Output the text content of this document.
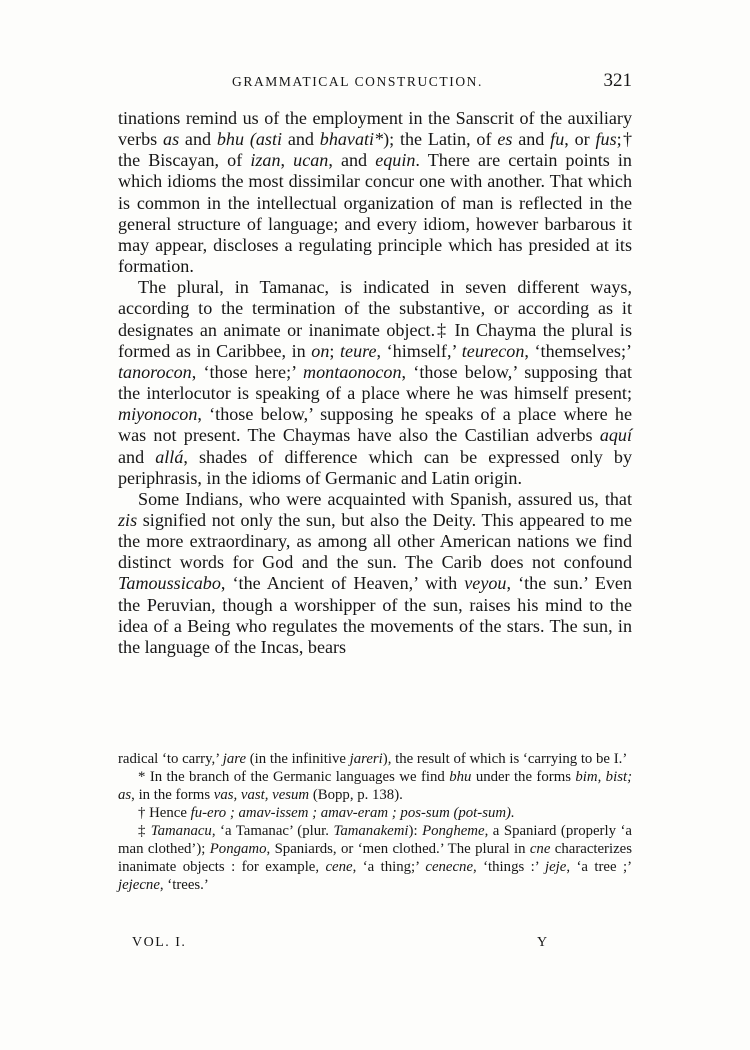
GRAMMATICAL CONSTRUCTION.	321

tinations remind us of the employment in the Sanscrit of the auxiliary verbs as and bhu (asti and bhavati*); the Latin, of es and fu, or fus;† the Biscayan, of izan, ucan, and equin. There are certain points in which idioms the most dissimilar concur one with another. That which is common in the intellectual organization of man is reflected in the general structure of language; and every idiom, however barbarous it may appear, discloses a regulating principle which has presided at its formation.

The plural, in Tamanac, is indicated in seven different ways, according to the termination of the substantive, or according as it designates an animate or inanimate object.‡ In Chayma the plural is formed as in Caribbee, in on; teure, ‘himself,’ teurecon, ‘themselves;’ tanorocon, ‘those here;’ montaonocon, ‘those below,’ supposing that the interlocutor is speaking of a place where he was himself present; miyonocon, ‘those below,’ supposing he speaks of a place where he was not present. The Chaymas have also the Castilian adverbs aquí and allá, shades of difference which can be expressed only by periphrasis, in the idioms of Germanic and Latin origin.

Some Indians, who were acquainted with Spanish, assured us, that zis signified not only the sun, but also the Deity. This appeared to me the more extraordinary, as among all other American nations we find distinct words for God and the sun. The Carib does not confound Tamoussicabo, ‘the Ancient of Heaven,’ with veyou, ‘the sun.’ Even the Peruvian, though a worshipper of the sun, raises his mind to the idea of a Being who regulates the movements of the stars. The sun, in the language of the Incas, bears

radical ‘to carry,’ jare (in the infinitive jareri), the result of which is ‘carrying to be I.’

* In the branch of the Germanic languages we find bhu under the forms bim, bist; as, in the forms vas, vast, vesum (Bopp, p. 138).

† Hence fu-ero ; amav-issem ; amav-eram ; pos-sum (pot-sum).

‡ Tamanacu, ‘a Tamanac’ (plur. Tamanakemi): Pongheme, a Spaniard (properly ‘a man clothed’); Pongamo, Spaniards, or ‘men clothed.’ The plural in cne characterizes inanimate objects : for example, cene, ‘a thing;’ cenecne, ‘things :’ jeje, ‘a tree ;’ jejecne, ‘trees.’

VOL. I.	Y
